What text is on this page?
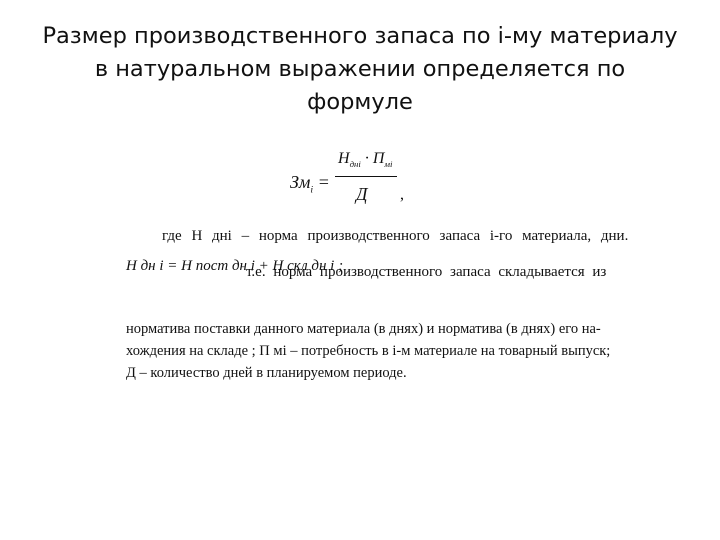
Размер производственного запаса по i-му материалу
в натуральном выражении определяется по
формуле
$Зм_i$ =
$Н_{днi} \cdot П_{мi}$
Д ,
где Н дні – норма производственного запаса i-го материала, дни.
Н дн i = Н пост дн i + Н скл дн i ;
т.е. норма производственного запаса складывается из
норматива поставки данного материала (в днях) и норматива (в днях) его на-
хождения на складе ; П мi – потребность в i-м материале на товарный выпуск;
Д – количество дней в планируемом периоде.
